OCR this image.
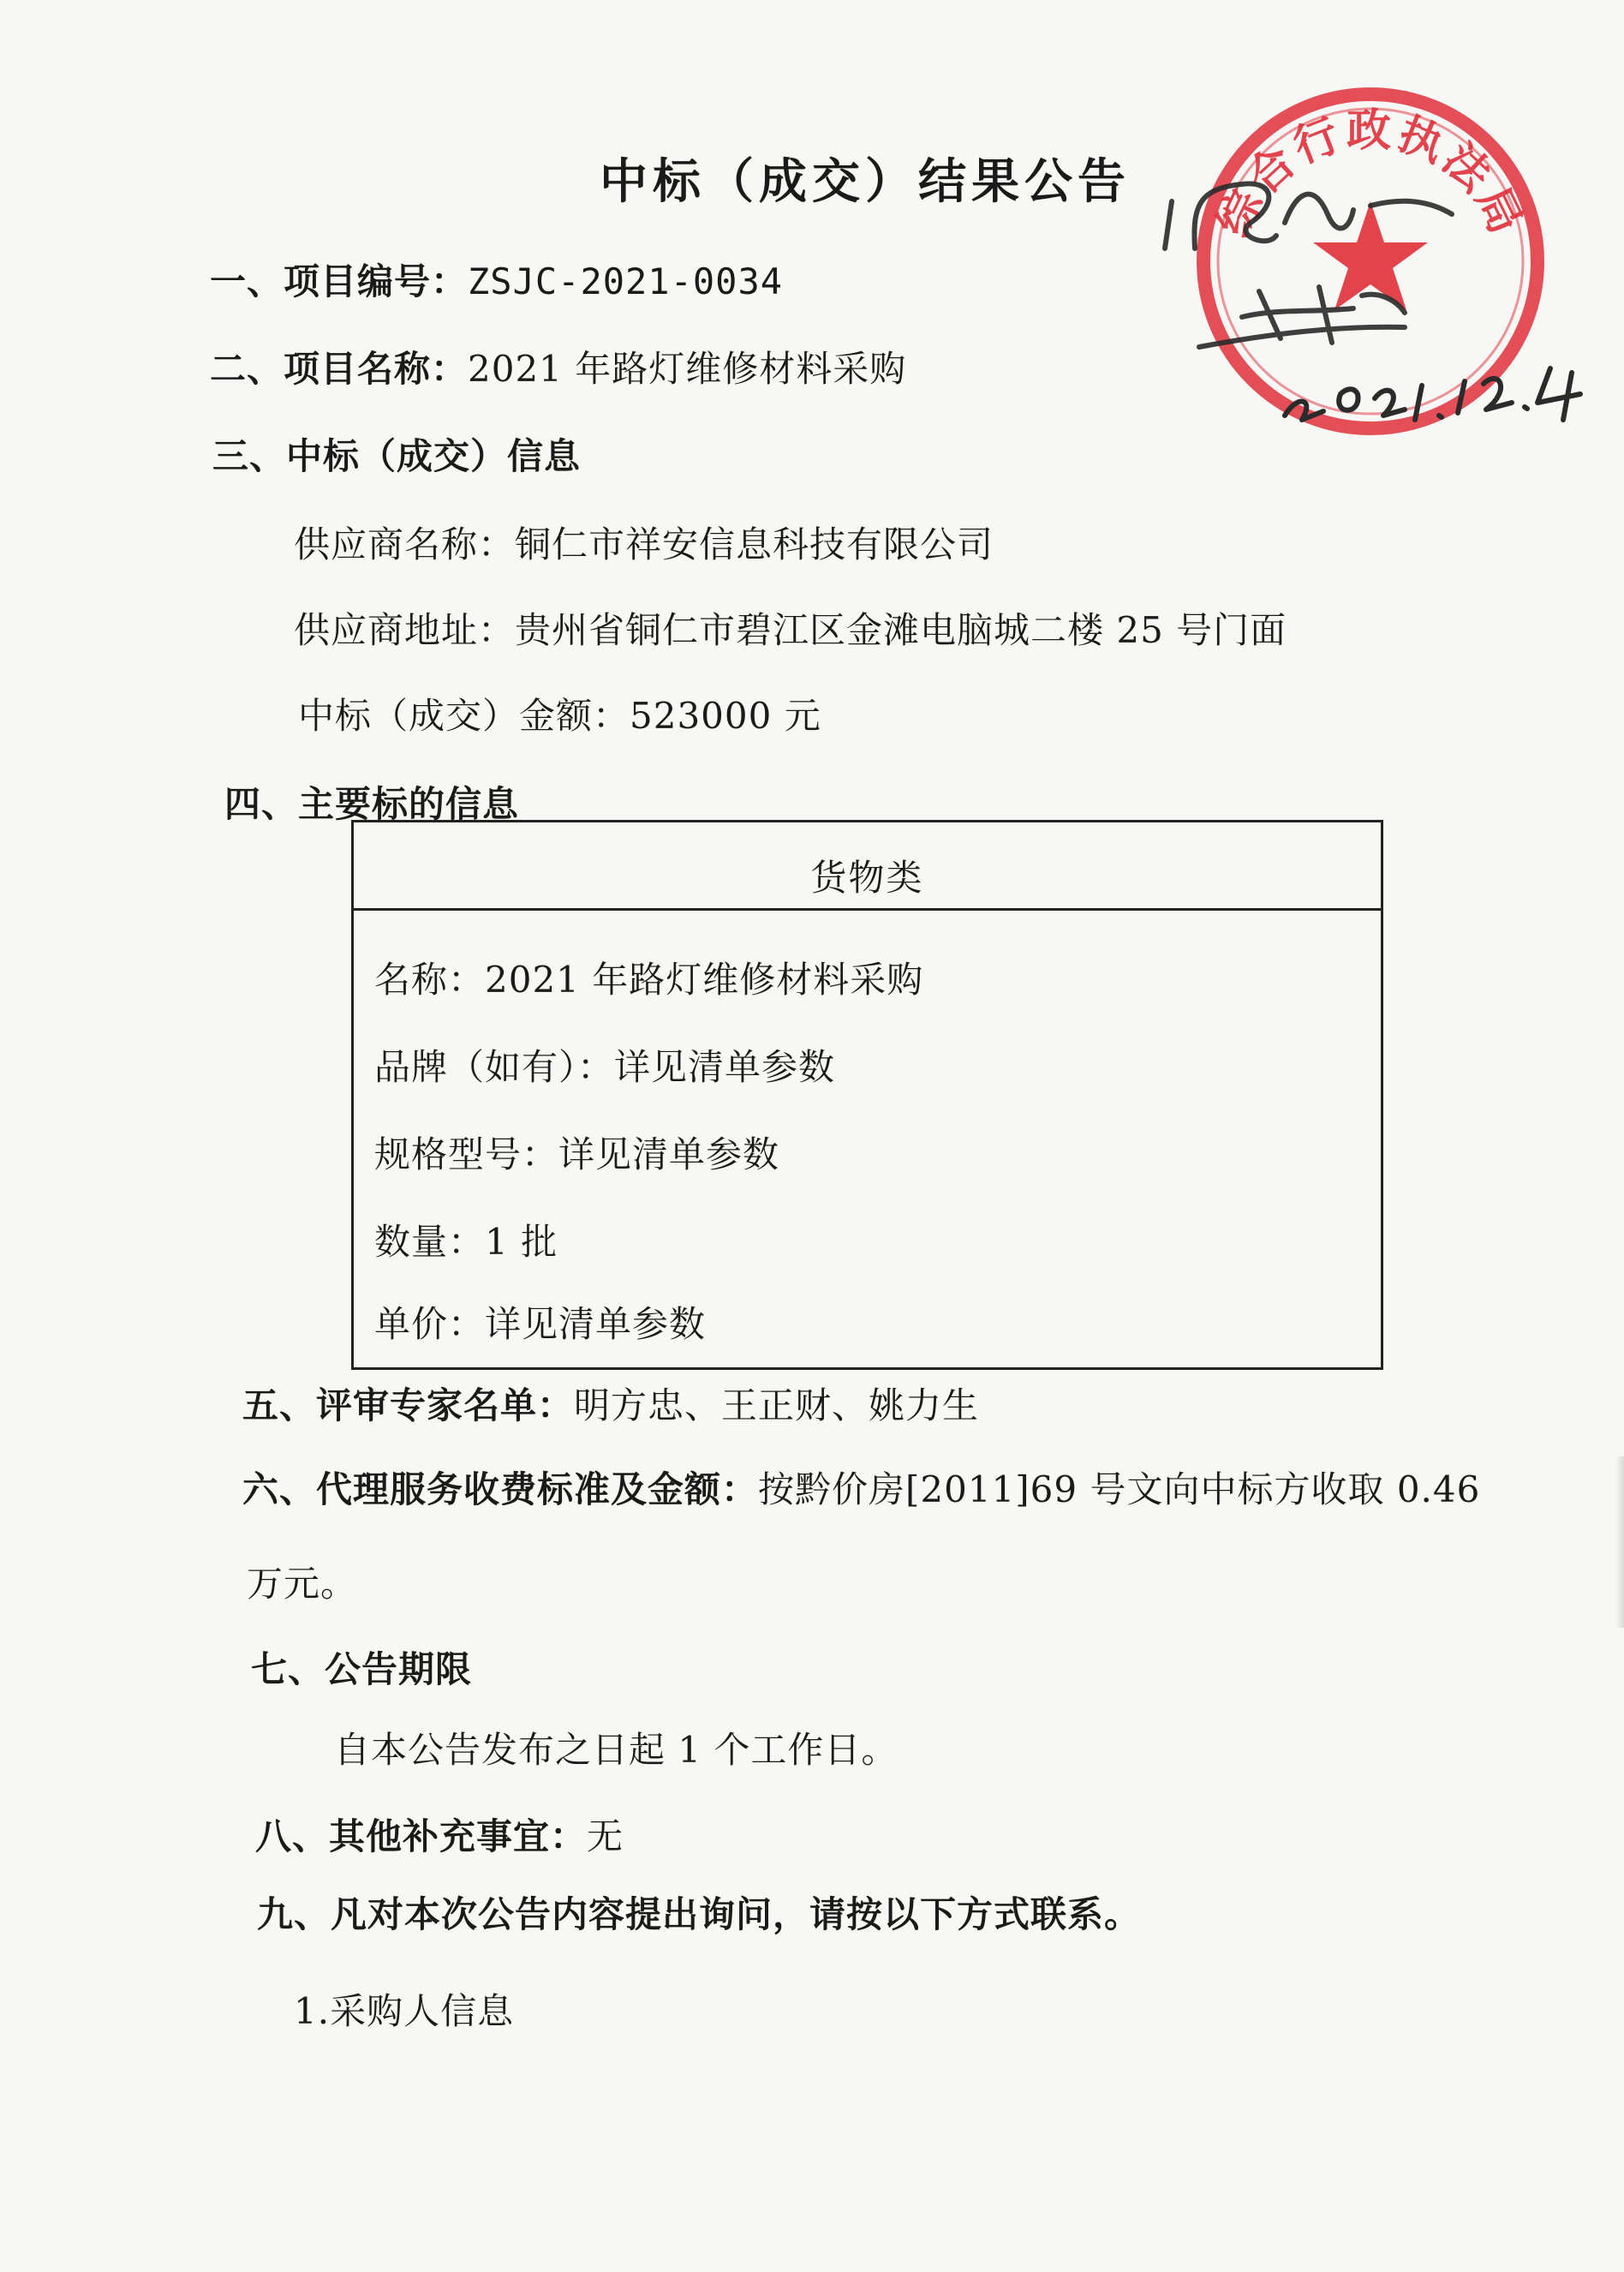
中标（成交）结果公告
一、项目编号：ZSJC-2021-0034
二、项目名称：2021 年路灯维修材料采购
三、中标（成交）信息
供应商名称：铜仁市祥安信息科技有限公司
供应商地址：贵州省铜仁市碧江区金滩电脑城二楼 25 号门面
中标（成交）金额：523000 元
四、主要标的信息
货物类
名称：2021 年路灯维修材料采购
品牌（如有）：详见清单参数
规格型号：详见清单参数
数量：1 批
单价：详见清单参数
五、评审专家名单：明方忠、王正财、姚力生
六、代理服务收费标准及金额：按黔价房[2011]69 号文向中标方收取 0.46
万元。
七、公告期限
自本公告发布之日起 1 个工作日。
八、其他补充事宜：无
九、凡对本次公告内容提出询问，请按以下方式联系。
1.采购人信息
综合行政执法局
